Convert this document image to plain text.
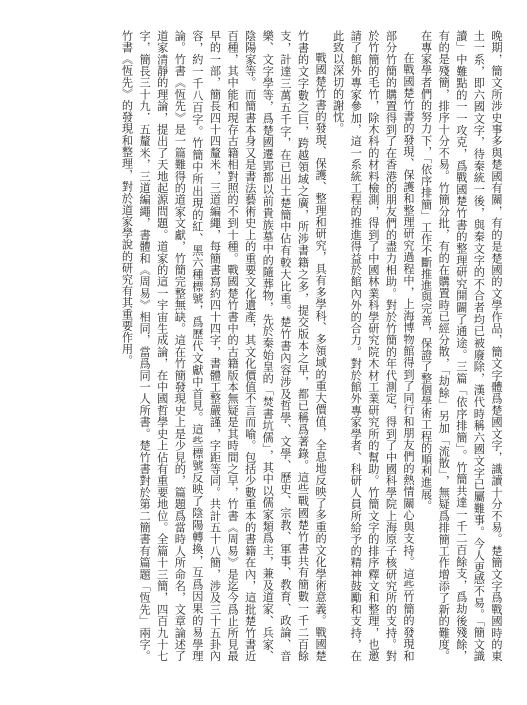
晚期，簡文所涉史事多與楚國有關，有的是楚國的文學作品，簡文字體爲楚國文字，識讀十分不易。楚簡文字爲戰國時的東土一系，即六國文字，待秦統一後，與秦文字的不合者均已被廢除，漢代時稱六國文字已屬難事。今人更感不易。「簡文識讀」中難點的一一攻克，爲戰國楚竹書的整理研究開闢了通途。三篇「依序排簡」。竹簡共達一千二百餘支，爲劫後殘餘，有的是殘簡，排序十分不易。竹簡分批，有的在購置時已經分散，「劫餘」另加「流散」，無疑爲排簡工作增添了新的難度。在專家學者們的努力下，「依序排簡」工作不斷推進與完善，保證了整個學術工程的順利進展。

在戰國楚竹書的發現、保護和整理研究過程中，上海博物館得到了同行和朋友們的熱情關心與支持。這些竹簡的發現和部分竹簡的購置得到了在香港的朋友們的盡力相助。對於竹簡的年代測定，得到了中國科學院上海原子核研究所的支持。對於竹簡的毛竹，除木科的材料檢測，得到了中國林業科學研究院木材工業研究所的幫助。竹簡文字的排序釋文和整理，也邀請了館外專家參加，這一系統工程的推進得益於館內外的合力。對於館外專家學者、科研人員所給予的精神鼓勵和支持，在此致以深切的謝忱。

戰國楚竹書的發現、保護、整理和研究，具有多學科、多領域的重大價值，全息地反映了多重的文化學術意義。戰國楚竹書的文字數之巨，跨越領域之廣，所涉書籍之多，提交版本之早，都已稱爲著錄。這些戰國楚竹書共有簡數一千二百餘支，計達三萬五千字，在已出土楚簡中佔有較大比重。楚竹書內容涉及哲學、文學、歷史、宗教、軍事、教育、政論、音樂、文字學等，爲楚國遷郢都以前貴族墓中的隨葬物，先於秦始皇的「焚書坑儒」，其中以儒家類爲主，兼及道家、兵家、陰陽家等。而簡書本身又是書法藝術史上的重要文化遺產，其文化價值不言而喻。包括少數重本的書籍在內，這批楚竹書近百種，其中能和現存古籍相對照的不到十種。戰國楚竹書中的古籍版本無疑是其時間之早，竹書《周易》是迄今爲止所見最早的一部，簡長四十四釐米，三道編繩，每簡書寫約四十四字，書體工整嚴謹，字距等同。共計五十八簡，涉及三十五卦內容，約一千八百字。竹簡中所出現的紅、黑六種標號，爲歷代文獻中首見。這些標號反映了陰陽轉換，互爲因果的易學理論。竹書《恆先》是一篇難得的道家文獻，竹簡完整無缺。這在竹簡發現史上是少見的，篇題爲當時人所命名，文章論述了道家清靜的理論，提出了天地起源問題。道家的這一宇宙生成論，在中國哲學史上佔有重要地位。全篇十三簡，四百九十七字，簡長三十九．五釐米，三道編繩，書體和《周易》相同，當爲同一人所書。楚竹書對於第二簡書有篇題「恆先」兩字。竹書《恆先》的發現和整理，對於道家學說的研究有其重要作用。
